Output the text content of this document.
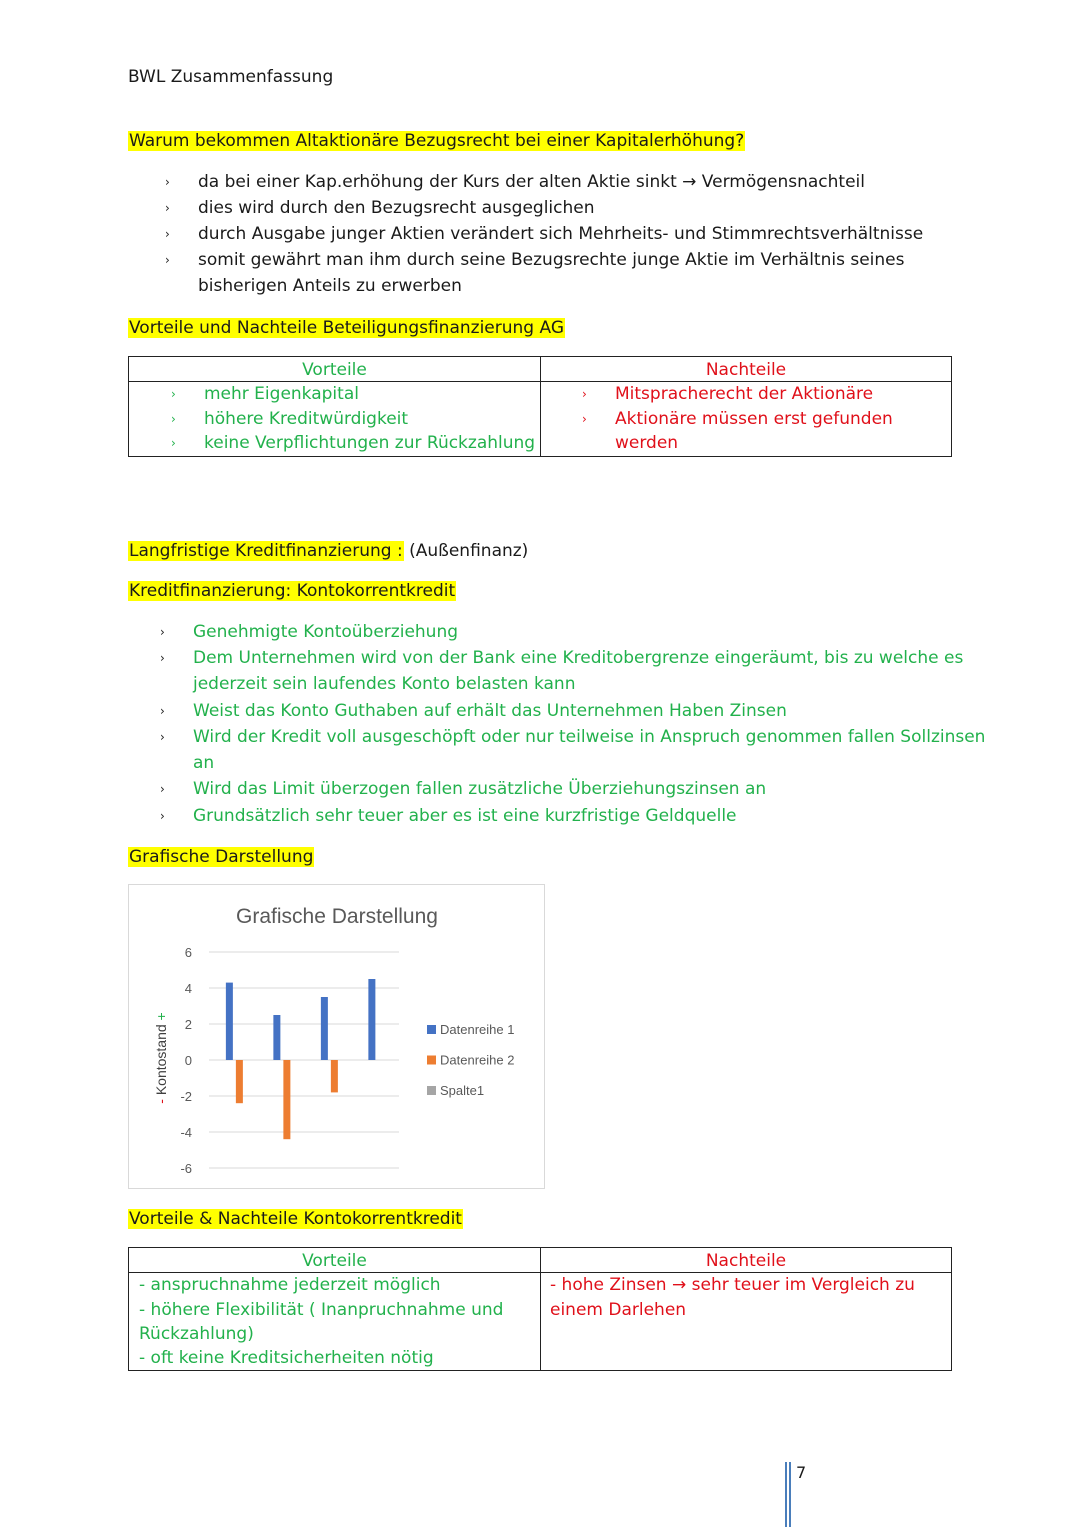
BWL Zusammenfassung
Warum bekommen Altaktionäre Bezugsrecht bei einer Kapitalerhöhung?
› da bei einer Kap.erhöhung der Kurs der alten Aktie sinkt → Vermögensnachteil
› dies wird durch den Bezugsrecht ausgeglichen
› durch Ausgabe junger Aktien verändert sich Mehrheits- und Stimmrechtsverhältnisse
› somit gewährt man ihm durch seine Bezugsrechte junge Aktie im Verhältnis seines
bisherigen Anteils zu erwerben
Vorteile und Nachteile Beteiligungsfinanzierung AG
Vorteile	Nachteile
› mehr Eigenkapital
› höhere Kreditwürdigkeit
› keine Verpflichtungen zur Rückzahlung
› Mitspracherecht der Aktionäre
› Aktionäre müssen erst gefunden
werden
Langfristige Kreditfinanzierung : (Außenfinanz)
Kreditfinanzierung: Kontokorrentkredit
› Genehmigte Kontoüberziehung
› Dem Unternehmen wird von der Bank eine Kreditobergrenze eingeräumt, bis zu welche es
jederzeit sein laufendes Konto belasten kann
› Weist das Konto Guthaben auf erhält das Unternehmen Haben Zinsen
› Wird der Kredit voll ausgeschöpft oder nur teilweise in Anspruch genommen fallen Sollzinsen
an
› Wird das Limit überzogen fallen zusätzliche Überziehungszinsen an
› Grundsätzlich sehr teuer aber es ist eine kurzfristige Geldquelle
Grafische Darstellung
Grafische Darstellung
- Kontostand +
6
4
2
0
-2
-4
-6
Datenreihe 1
Datenreihe 2
Spalte1
Vorteile & Nachteile Kontokorrentkredit
Vorteile	Nachteile
- anspruchnahme jederzeit möglich
- höhere Flexibilität ( Inanpruchnahme und
Rückzahlung)
- oft keine Kreditsicherheiten nötig
- hohe Zinsen → sehr teuer im Vergleich zu
einem Darlehen
7
